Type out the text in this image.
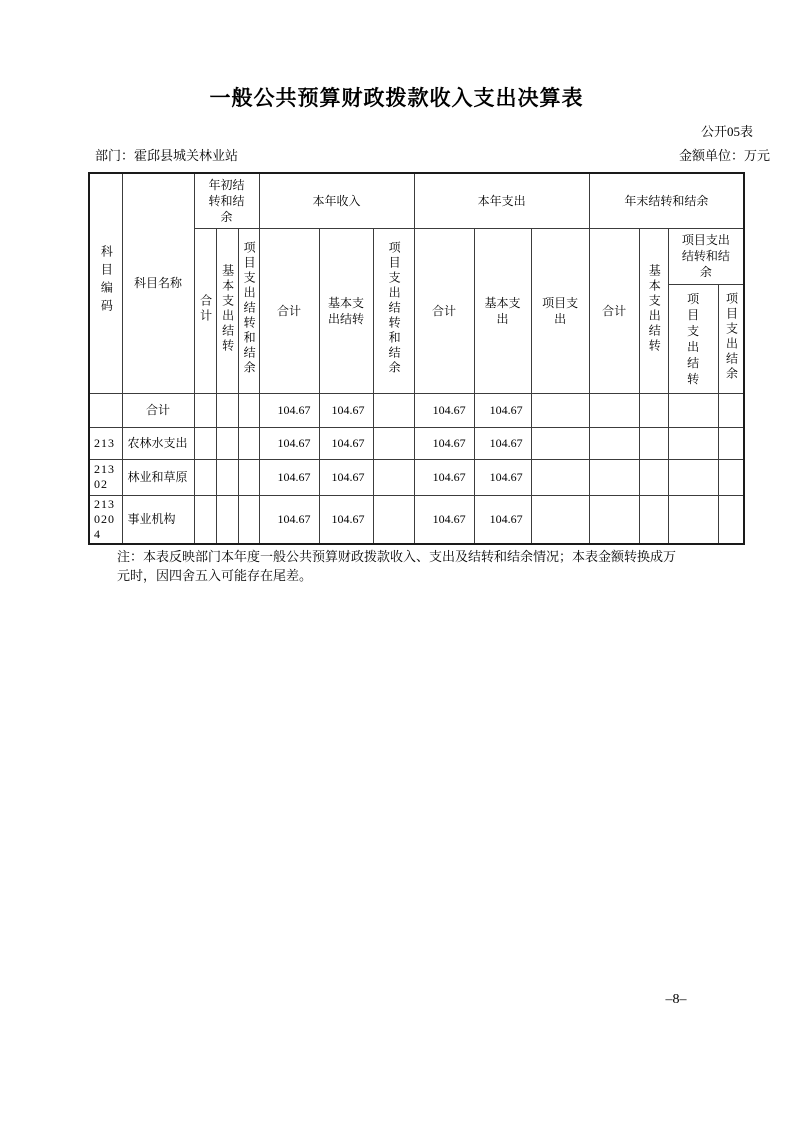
一般公共预算财政拨款收入支出决算表
公开05表
部门：霍邱县城关林业站	金额单位：万元
科目编码	科目名称	年初结转和结余			本年收入			本年支出			年末结转和结余			
		合计	基本支出结转	项目支出结转和结余	合计	基本支出结转	项目支出结转和结余	合计	基本支出	项目支出	合计	基本支出结转	项目支出结转和结余	
													项目支出结转	项目支出结余
	合计				104.67	104.67		104.67	104.67					
213	农林水支出				104.67	104.67		104.67	104.67					
21302	林业和草原				104.67	104.67		104.67	104.67					
2130204	事业机构				104.67	104.67		104.67	104.67					
注：本表反映部门本年度一般公共预算财政拨款收入、支出及结转和结余情况；本表金额转换成万
元时，因四舍五入可能存在尾差。
–8–
